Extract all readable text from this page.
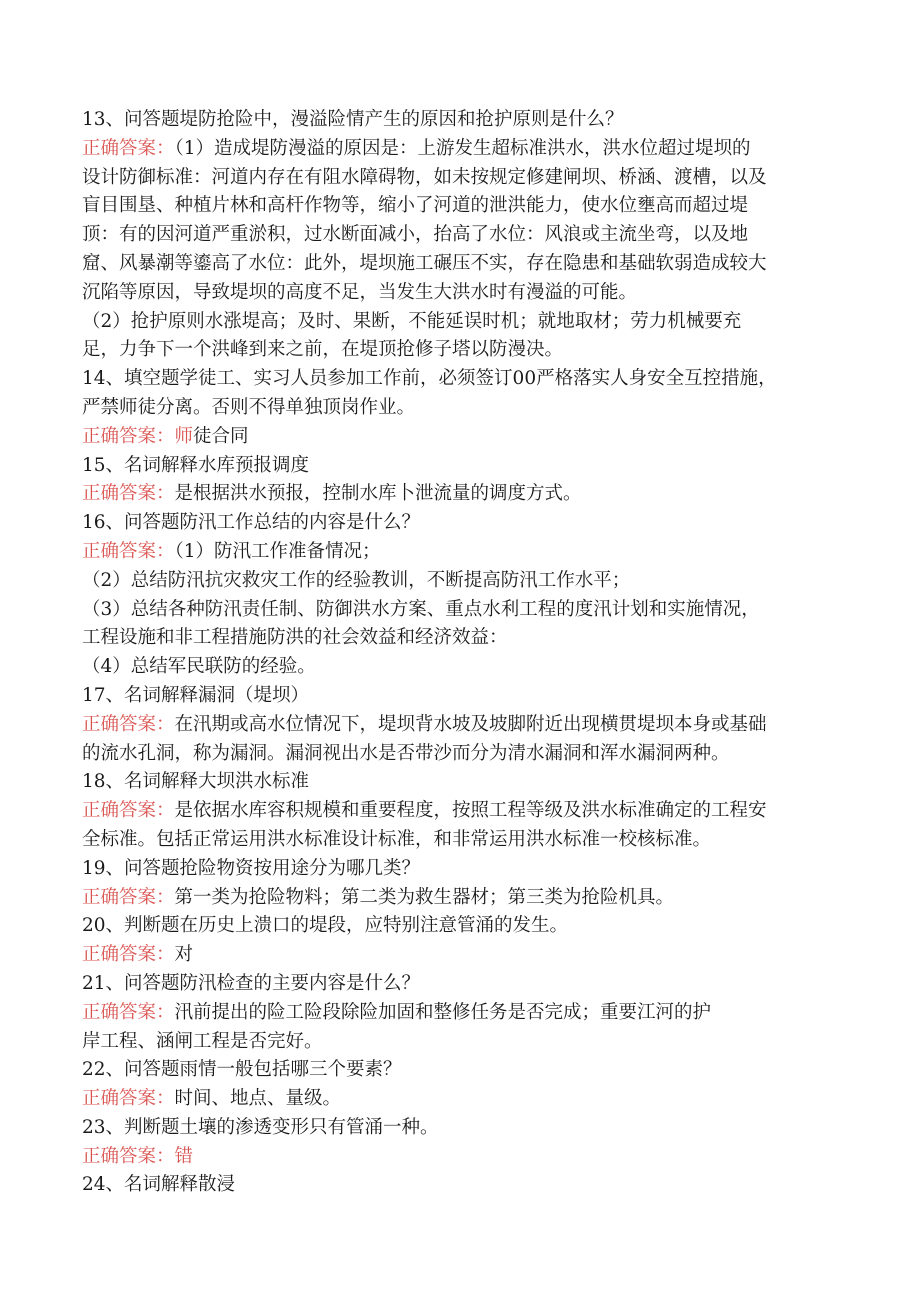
13、问答题堤防抢险中，漫溢险情产生的原因和抢护原则是什么？
正确答案：（1）造成堤防漫溢的原因是：上游发生超标准洪水，洪水位超过堤坝的
设计防御标准：河道内存在有阻水障碍物，如未按规定修建闸坝、桥涵、渡槽，以及
盲目围垦、种植片林和高杆作物等，缩小了河道的泄洪能力，使水位壅高而超过堤
顶：有的因河道严重淤积，过水断面减小，抬高了水位：风浪或主流坐弯，以及地
窟、风暴潮等鎏高了水位：此外，堤坝施工碾压不实，存在隐患和基础软弱造成较大
沉陷等原因，导致堤坝的高度不足，当发生大洪水时有漫溢的可能。
（2）抢护原则水涨堤高；及时、果断，不能延误时机；就地取材；劳力机械要充
足，力争下一个洪峰到来之前，在堤顶抢修子塔以防漫决。
14、填空题学徒工、实习人员参加工作前，必须签订00严格落实人身安全互控措施，
严禁师徒分离。否则不得单独顶岗作业。
正确答案：师徒合同
15、名词解释水库预报调度
正确答案：是根据洪水预报，控制水库卜泄流量的调度方式。
16、问答题防汛工作总结的内容是什么？
正确答案：（1）防汛工作准备情况；
（2）总结防汛抗灾救灾工作的经验教训，不断提高防汛工作水平；
（3）总结各种防汛责任制、防御洪水方案、重点水利工程的度汛计划和实施情况，
工程设施和非工程措施防洪的社会效益和经济效益：
（4）总结军民联防的经验。
17、名词解释漏洞（堤坝）
正确答案：在汛期或高水位情况下，堤坝背水坡及坡脚附近出现横贯堤坝本身或基础
的流水孔洞，称为漏洞。漏洞视出水是否带沙而分为清水漏洞和浑水漏洞两种。
18、名词解释大坝洪水标准
正确答案：是依据水库容积规模和重要程度，按照工程等级及洪水标准确定的工程安
全标准。包括正常运用洪水标准设计标准，和非常运用洪水标准一校核标准。
19、问答题抢险物资按用途分为哪几类？
正确答案：第一类为抢险物料；第二类为救生器材；第三类为抢险机具。
20、判断题在历史上溃口的堤段，应特别注意管涌的发生。
正确答案：对
21、问答题防汛检查的主要内容是什么？
正确答案：汛前提出的险工险段除险加固和整修任务是否完成；重要江河的护
岸工程、涵闸工程是否完好。
22、问答题雨情一般包括哪三个要素？
正确答案：时间、地点、量级。
23、判断题土壤的渗透变形只有管涌一种。
正确答案：错
24、名词解释散浸
